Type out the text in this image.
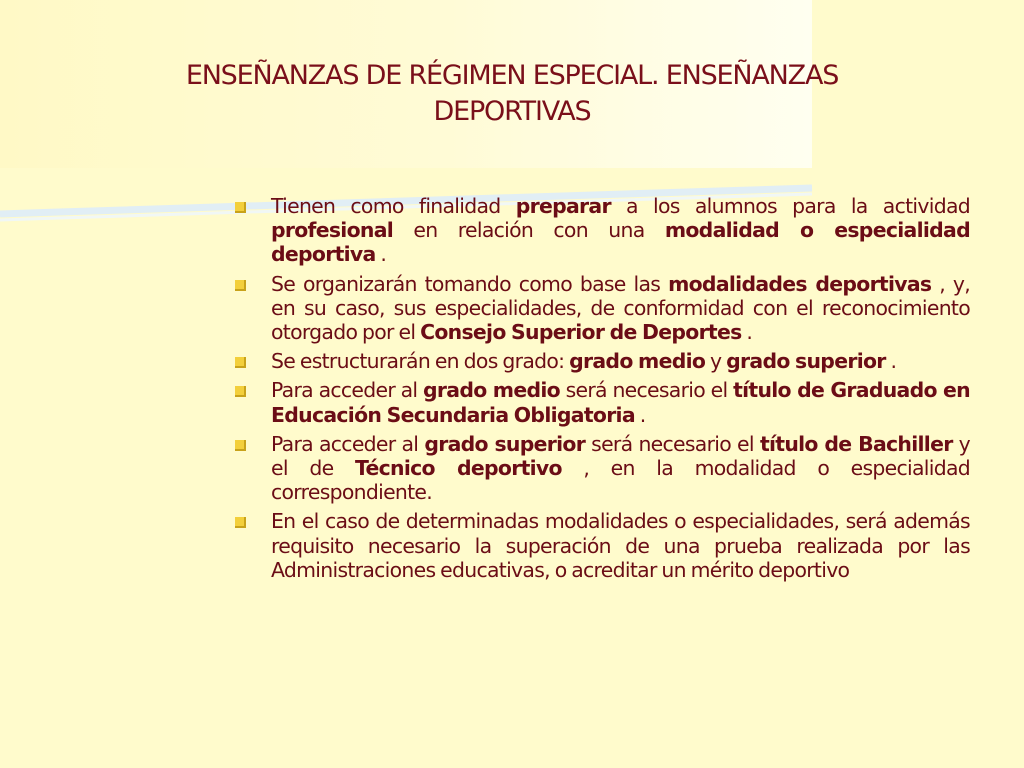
ENSEÑANZAS DE RÉGIMEN ESPECIAL. ENSEÑANZAS
DEPORTIVAS
Tienen como finalidad preparar a los alumnos para la actividad profesional en relación con una modalidad o especialidad deportiva .
Se organizarán tomando como base las modalidades deportivas , y, en su caso, sus especialidades, de conformidad con el reconocimiento otorgado por el Consejo Superior de Deportes .
Se estructurarán en dos grado: grado medio y grado superior .
Para acceder al grado medio será necesario el título de Graduado en Educación Secundaria Obligatoria .
Para acceder al grado superior será necesario el título de Bachiller y el de Técnico deportivo , en la modalidad o especialidad correspondiente.
En el caso de determinadas modalidades o especialidades, será además requisito necesario la superación de una prueba realizada por las Administraciones educativas, o acreditar un mérito deportivo
